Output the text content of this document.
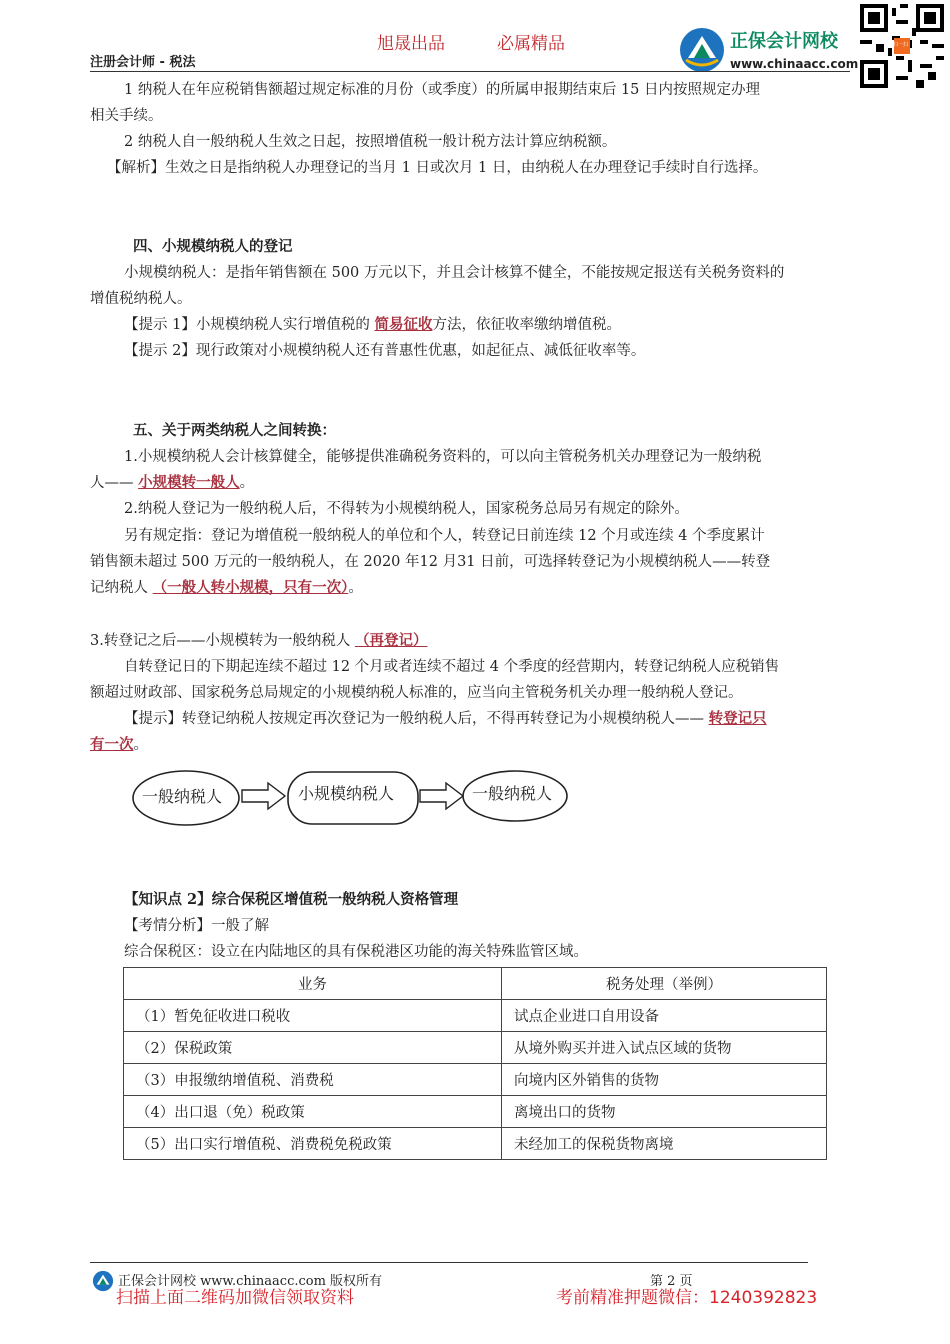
旭晟出品	必属精品
注册会计师 - 税法
正保会计网校
www.chinaacc.com
扫一扫
1 纳税人在年应税销售额超过规定标准的月份（或季度）的所属申报期结束后 15 日内按照规定办理
相关手续。
2 纳税人自一般纳税人生效之日起，按照增值税一般计税方法计算应纳税额。
【解析】生效之日是指纳税人办理登记的当月 1 日或次月 1 日，由纳税人在办理登记手续时自行选择。
四、小规模纳税人的登记
小规模纳税人：是指年销售额在 500 万元以下，并且会计核算不健全，不能按规定报送有关税务资料的
增值税纳税人。
【提示 1】小规模纳税人实行增值税的 简易征收方法，依征收率缴纳增值税。
【提示 2】现行政策对小规模纳税人还有普惠性优惠，如起征点、减低征收率等。
五、关于两类纳税人之间转换：
1.小规模纳税人会计核算健全，能够提供准确税务资料的，可以向主管税务机关办理登记为一般纳税
人—— 小规模转一般人。
2.纳税人登记为一般纳税人后，不得转为小规模纳税人，国家税务总局另有规定的除外。
另有规定指：登记为增值税一般纳税人的单位和个人，转登记日前连续 12 个月或连续 4 个季度累计
销售额未超过 500 万元的一般纳税人，在 2020 年12 月31 日前，可选择转登记为小规模纳税人——转登
记纳税人 （一般人转小规模，只有一次）。
3.转登记之后——小规模转为一般纳税人 （再登记）
自转登记日的下期起连续不超过 12 个月或者连续不超过 4 个季度的经营期内，转登记纳税人应税销售
额超过财政部、国家税务总局规定的小规模纳税人标准的，应当向主管税务机关办理一般纳税人登记。
【提示】转登记纳税人按规定再次登记为一般纳税人后，不得再转登记为小规模纳税人—— 转登记只
有一次。
一般纳税人	小规模纳税人	一般纳税人
【知识点 2】综合保税区增值税一般纳税人资格管理
【考情分析】一般了解
综合保税区：设立在内陆地区的具有保税港区功能的海关特殊监管区域。
业务	税务处理（举例）
（1）暂免征收进口税收	试点企业进口自用设备
（2）保税政策	从境外购买并进入试点区域的货物
（3）申报缴纳增值税、消费税	向境内区外销售的货物
（4）出口退（免）税政策	离境出口的货物
（5）出口实行增值税、消费税免税政策	未经加工的保税货物离境
正保会计网校 www.chinaacc.com 版权所有	第 2 页
扫描上面二维码加微信领取资料	考前精准押题微信：1240392823
